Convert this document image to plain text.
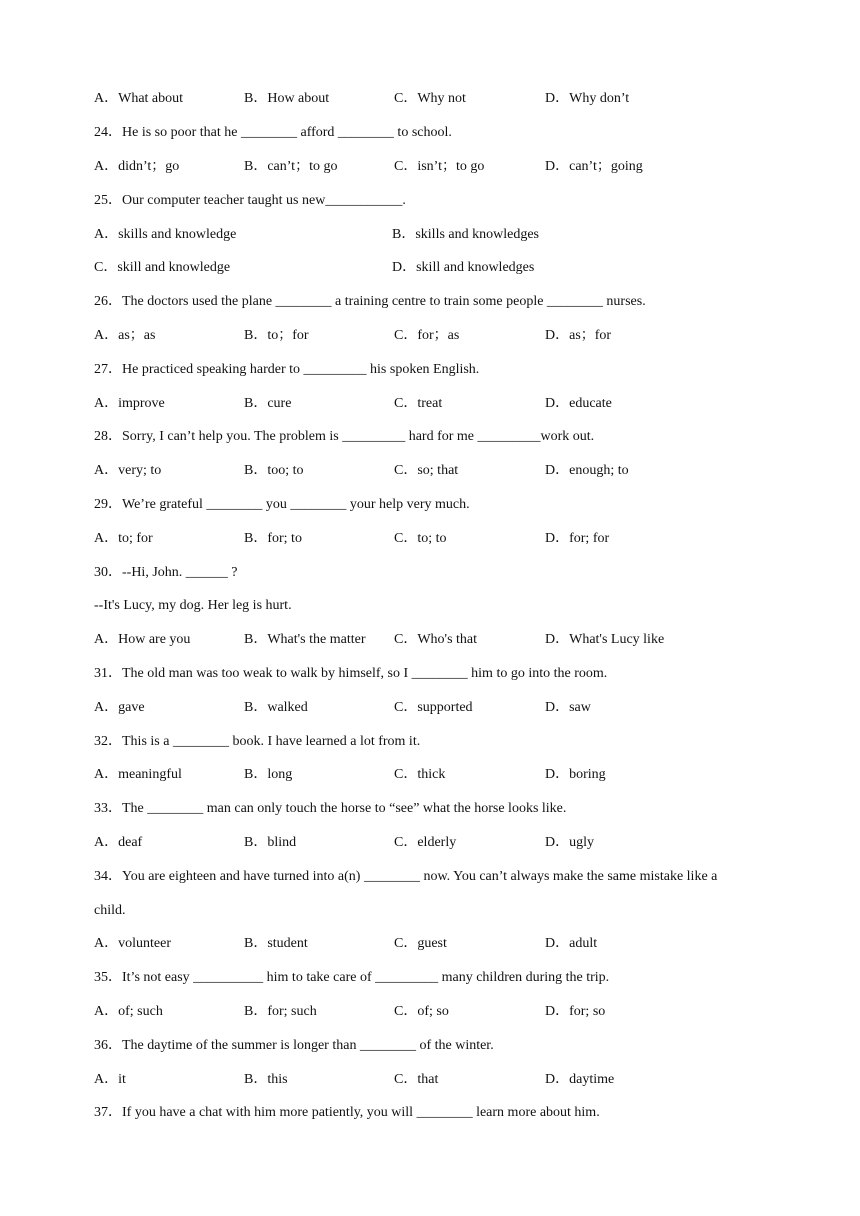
A．What about	B．How about	C．Why not	D．Why don’t
24．He is so poor that he ________ afford ________ to school.
A．didn’t；go	B．can’t；to go	C．isn’t；to go	D．can’t；going
25．Our computer teacher taught us new___________.
A．skills and knowledge	B．skills and knowledges
C．skill and knowledge	D．skill and knowledges
26．The doctors used the plane ________ a training centre to train some people ________ nurses.
A．as；as	B．to；for	C．for；as	D．as；for
27．He practiced speaking harder to _________ his spoken English.
A．improve	B．cure	C．treat	D．educate
28．Sorry, I can’t help you. The problem is _________ hard for me _________work out.
A．very; to	B．too; to	C．so; that	D．enough; to
29．We’re grateful ________ you ________ your help very much.
A．to; for	B．for; to	C．to; to	D．for; for
30．--Hi, John. ______ ?
--It's Lucy, my dog. Her leg is hurt.
A．How are you	B．What's the matter C．Who's that	D．What's Lucy like
31．The old man was too weak to walk by himself, so I ________ him to go into the room.
A．gave	B．walked	C．supported	D．saw
32．This is a ________ book. I have learned a lot from it.
A．meaningful	B．long	C．thick	D．boring
33．The ________ man can only touch the horse to “see” what the horse looks like.
A．deaf	B．blind	C．elderly	D．ugly
34．You are eighteen and have turned into a(n) ________ now. You can’t always make the same mistake like a
child.
A．volunteer	B．student	C．guest	D．adult
35．It’s not easy __________ him to take care of _________ many children during the trip.
A．of; such	B．for; such	C．of; so	D．for; so
36．The daytime of the summer is longer than ________ of the winter.
A．it	B．this	C．that	D．daytime
37．If you have a chat with him more patiently, you will ________ learn more about him.
